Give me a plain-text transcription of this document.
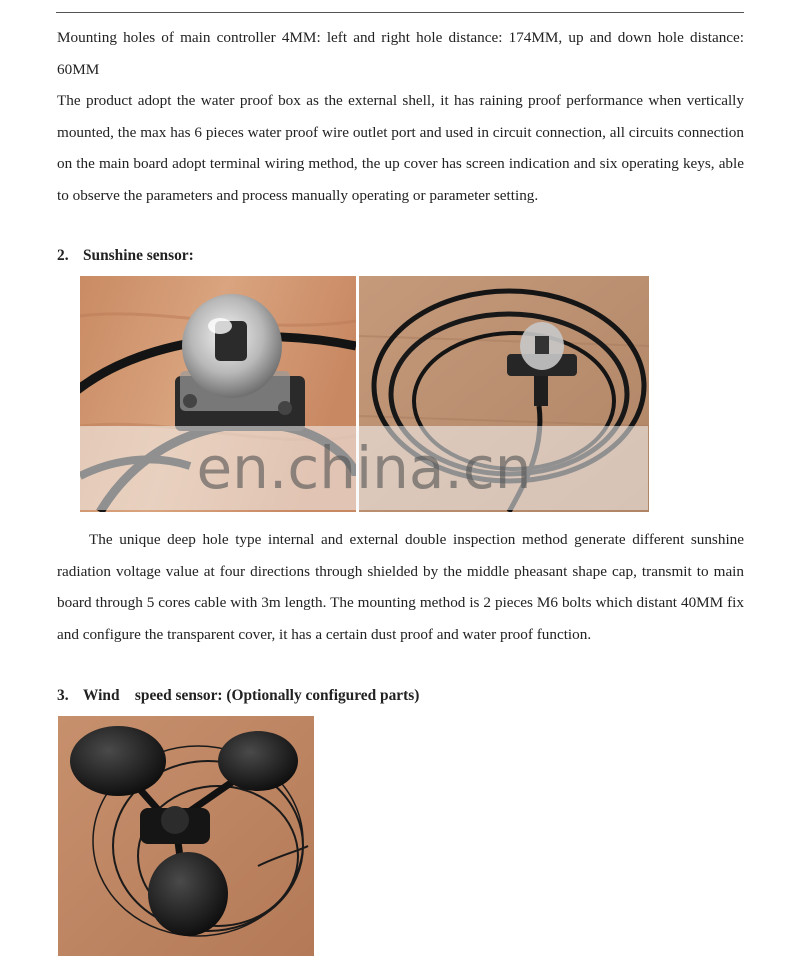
Mounting holes of main controller 4MM: left and right hole distance: 174MM, up and down hole distance: 60MM

The product adopt the water proof box as the external shell, it has raining proof performance when vertically mounted, the max has 6 pieces water proof wire outlet port and used in circuit connection, all circuits connection on the main board adopt terminal wiring method, the up cover has screen indication and six operating keys, able to observe the parameters and process manually operating or parameter setting.

2. Sunshine sensor:

en.china.cn

The unique deep hole type internal and external double inspection method generate different sunshine radiation voltage value at four directions through shielded by the middle pheasant shape cap, transmit to main board through 5 cores cable with 3m length. The mounting method is 2 pieces M6 bolts which distant 40MM fix and configure the transparent cover, it has a certain dust proof and water proof function.

3. Wind    speed sensor: (Optionally configured parts)
